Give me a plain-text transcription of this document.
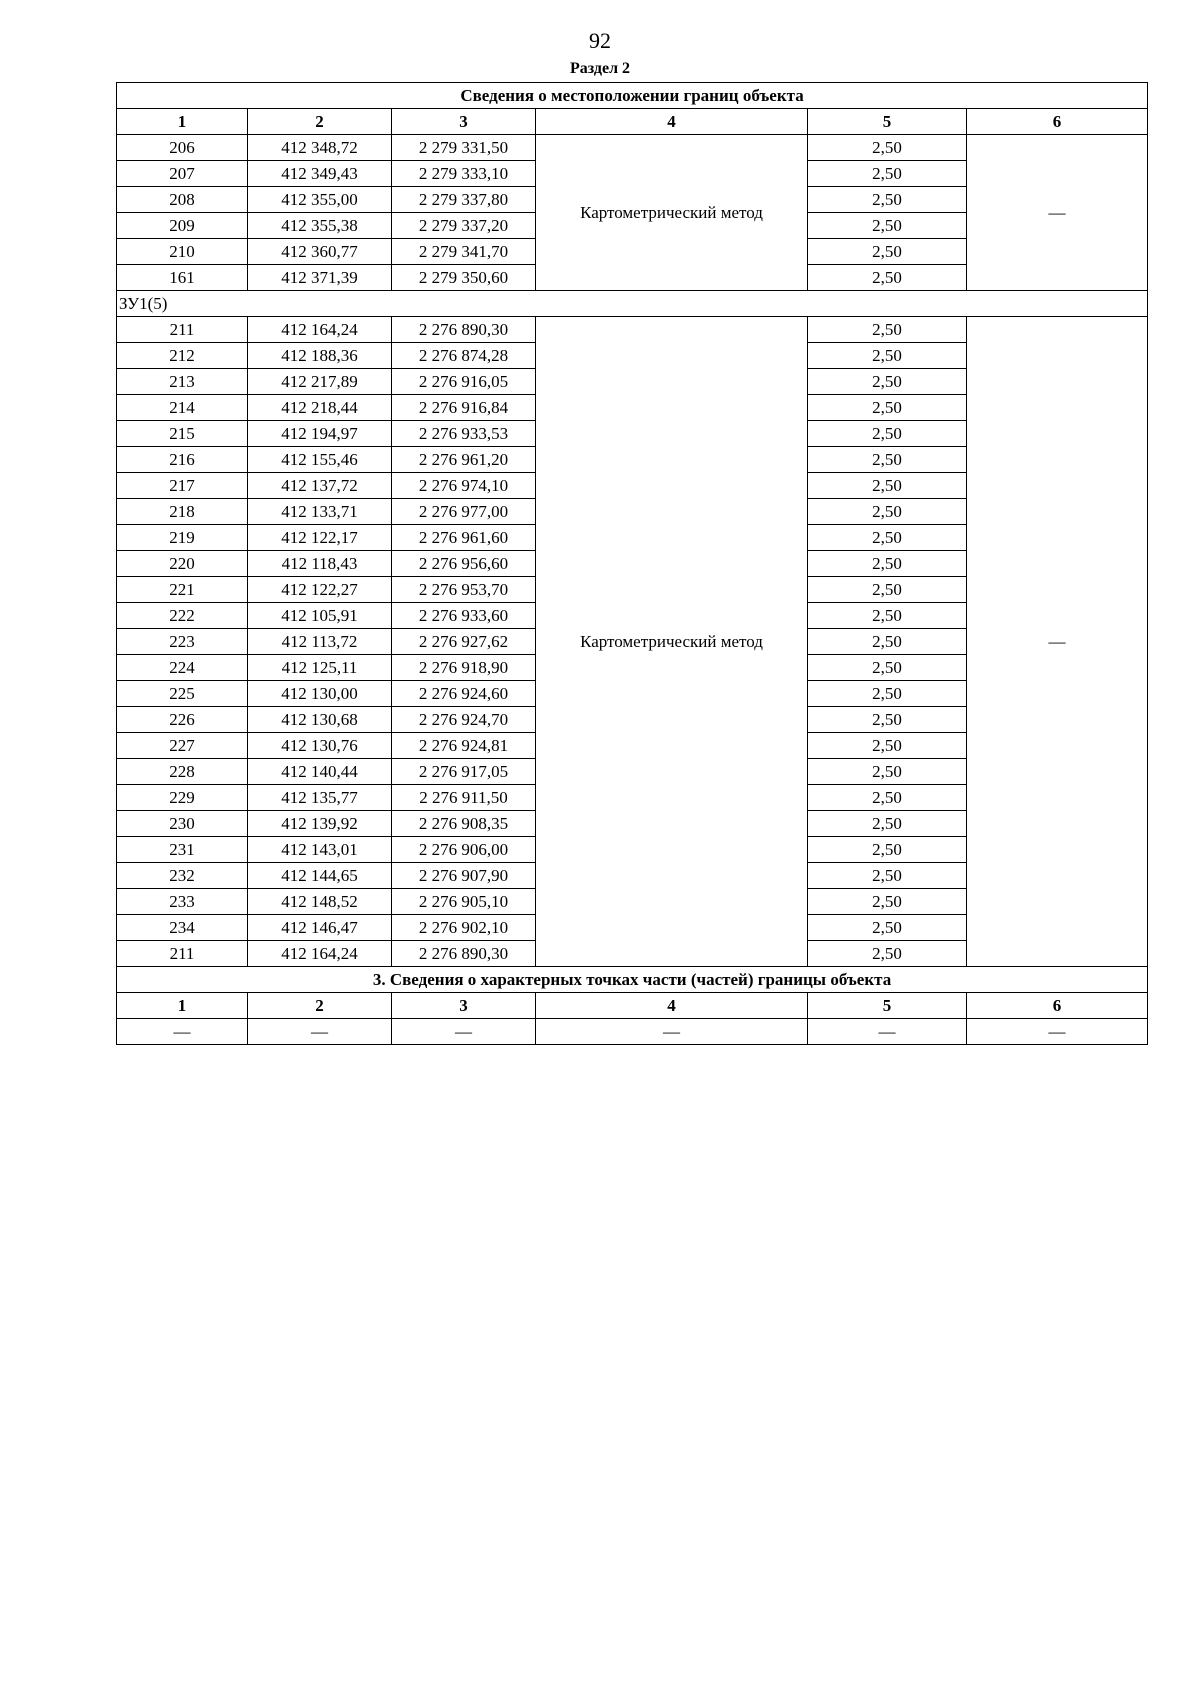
92
Раздел 2
Сведения о местоположении границ объекта					
1	2	3	4	5	6
206	412 348,72	2 279 331,50	Картометрический метод	2,50	—
207	412 349,43	2 279 333,10		2,50	
208	412 355,00	2 279 337,80		2,50	
209	412 355,38	2 279 337,20		2,50	
210	412 360,77	2 279 341,70		2,50	
161	412 371,39	2 279 350,60		2,50	
ЗУ1(5)					
211	412 164,24	2 276 890,30	Картометрический метод	2,50	—
212	412 188,36	2 276 874,28		2,50	
213	412 217,89	2 276 916,05		2,50	
214	412 218,44	2 276 916,84		2,50	
215	412 194,97	2 276 933,53		2,50	
216	412 155,46	2 276 961,20		2,50	
217	412 137,72	2 276 974,10		2,50	
218	412 133,71	2 276 977,00		2,50	
219	412 122,17	2 276 961,60		2,50	
220	412 118,43	2 276 956,60		2,50	
221	412 122,27	2 276 953,70		2,50	
222	412 105,91	2 276 933,60		2,50	
223	412 113,72	2 276 927,62		2,50	
224	412 125,11	2 276 918,90		2,50	
225	412 130,00	2 276 924,60		2,50	
226	412 130,68	2 276 924,70		2,50	
227	412 130,76	2 276 924,81		2,50	
228	412 140,44	2 276 917,05		2,50	
229	412 135,77	2 276 911,50		2,50	
230	412 139,92	2 276 908,35		2,50	
231	412 143,01	2 276 906,00		2,50	
232	412 144,65	2 276 907,90		2,50	
233	412 148,52	2 276 905,10		2,50	
234	412 146,47	2 276 902,10		2,50	
211	412 164,24	2 276 890,30		2,50	
3. Сведения о характерных точках части (частей) границы объекта					
1	2	3	4	5	6
—	—	—	—	—	—
